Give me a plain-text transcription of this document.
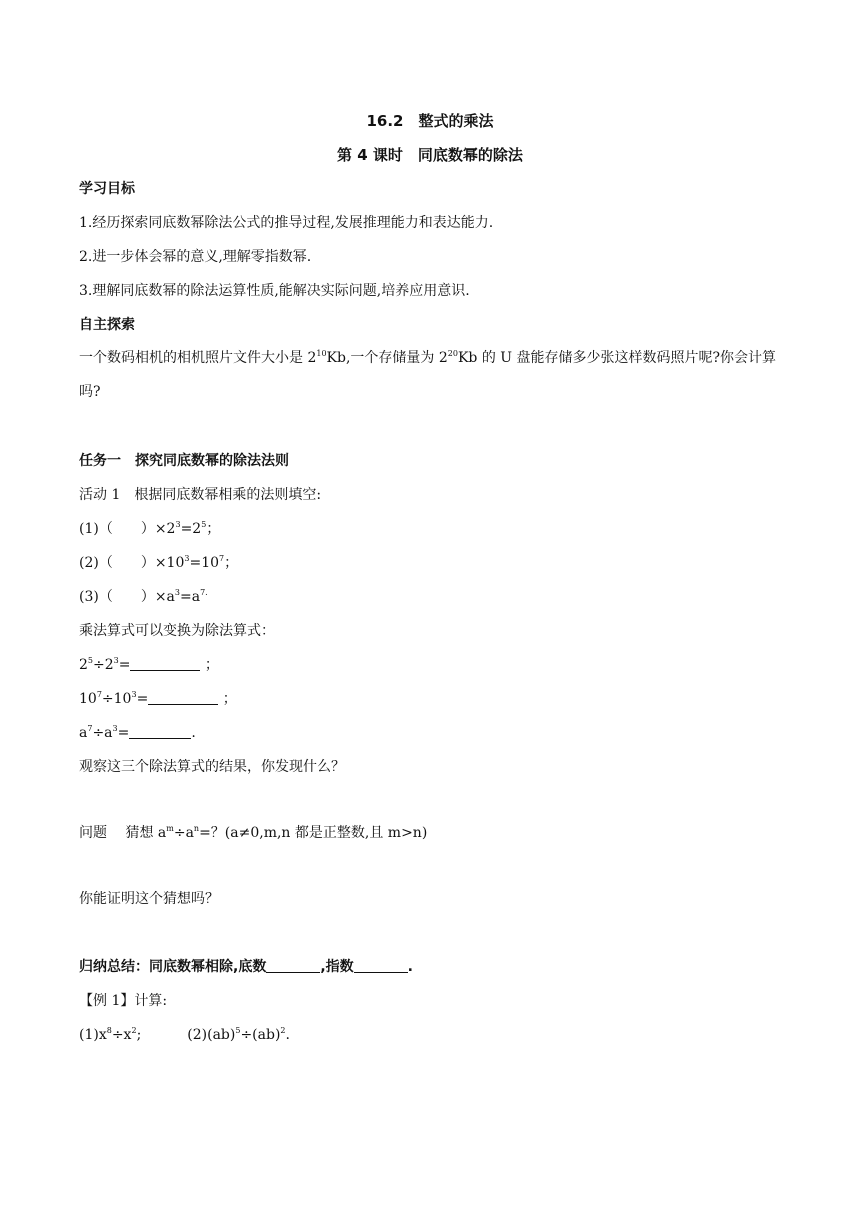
16.2　整式的乘法
第 4 课时　同底数幂的除法
学习目标
1.经历探索同底数幂除法公式的推导过程,发展推理能力和表达能力.
2.进一步体会幂的意义,理解零指数幂.
3.理解同底数幂的除法运算性质,能解决实际问题,培养应用意识.
自主探索
一个数码相机的相机照片文件大小是 $2^{10}Kb$,一个存储量为 $2^{20}Kb$ 的 U 盘能存储多少张这样数码照片呢?你会计算吗?
任务一　探究同底数幂的除法法则
活动 1　根据同底数幂相乘的法则填空:
(1)（　　）$\times 2^3=2^5$；
(2)（　　）$\times 10^3=10^7$；
(3)（　　）$\times a^3=a^{7.}$
乘法算式可以变换为除法算式：
$2^5\div 2^3=$	；
$10^7\div 10^3=$	；
$a^7\div a^3=$	.
观察这三个除法算式的结果，你发现什么？
问题　 猜想 $a^m\div a^n=$？(a≠0,m,n 都是正整数,且 m>n)
你能证明这个猜想吗？
归纳总结：同底数幂相除,底数	,指数	.
【例 1】计算:
$(1)x^8\div x^2$;	(2)(ab)$^5$÷(ab)$^2$.
